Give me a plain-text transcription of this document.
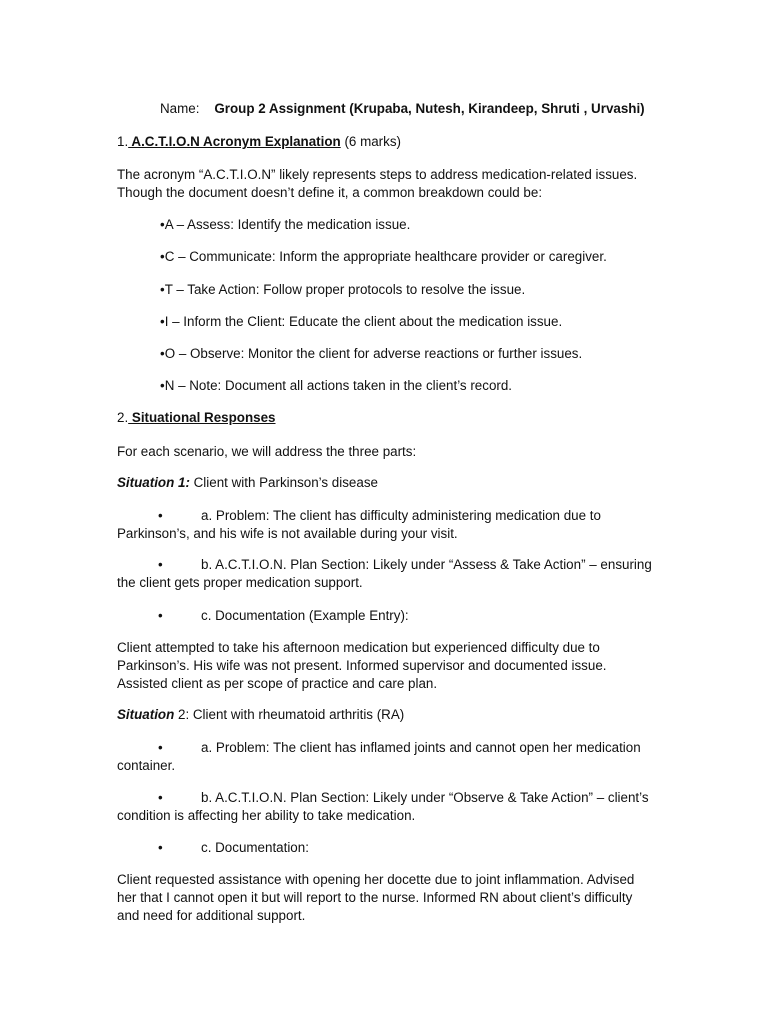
Name: Group 2 Assignment (Krupaba, Nutesh, Kirandeep, Shruti , Urvashi)

1. A.C.T.I.O.N Acronym Explanation (6 marks)

The acronym “A.C.T.I.O.N” likely represents steps to address medication-related issues. Though the document doesn’t define it, a common breakdown could be:

•A – Assess: Identify the medication issue.

•C – Communicate: Inform the appropriate healthcare provider or caregiver.

•T – Take Action: Follow proper protocols to resolve the issue.

•I – Inform the Client: Educate the client about the medication issue.

•O – Observe: Monitor the client for adverse reactions or further issues.

•N – Note: Document all actions taken in the client’s record.

2. Situational Responses

For each scenario, we will address the three parts:

Situation 1: Client with Parkinson’s disease

•	a. Problem: The client has difficulty administering medication due to Parkinson’s, and his wife is not available during your visit.

•	b. A.C.T.I.O.N. Plan Section: Likely under “Assess & Take Action” – ensuring the client gets proper medication support.

•	c. Documentation (Example Entry):

Client attempted to take his afternoon medication but experienced difficulty due to Parkinson’s. His wife was not present. Informed supervisor and documented issue. Assisted client as per scope of practice and care plan.

Situation 2: Client with rheumatoid arthritis (RA)

•	a. Problem: The client has inflamed joints and cannot open her medication container.

•	b. A.C.T.I.O.N. Plan Section: Likely under “Observe & Take Action” – client’s condition is affecting her ability to take medication.

•	c. Documentation:

Client requested assistance with opening her docette due to joint inflammation. Advised her that I cannot open it but will report to the nurse. Informed RN about client’s difficulty and need for additional support.
